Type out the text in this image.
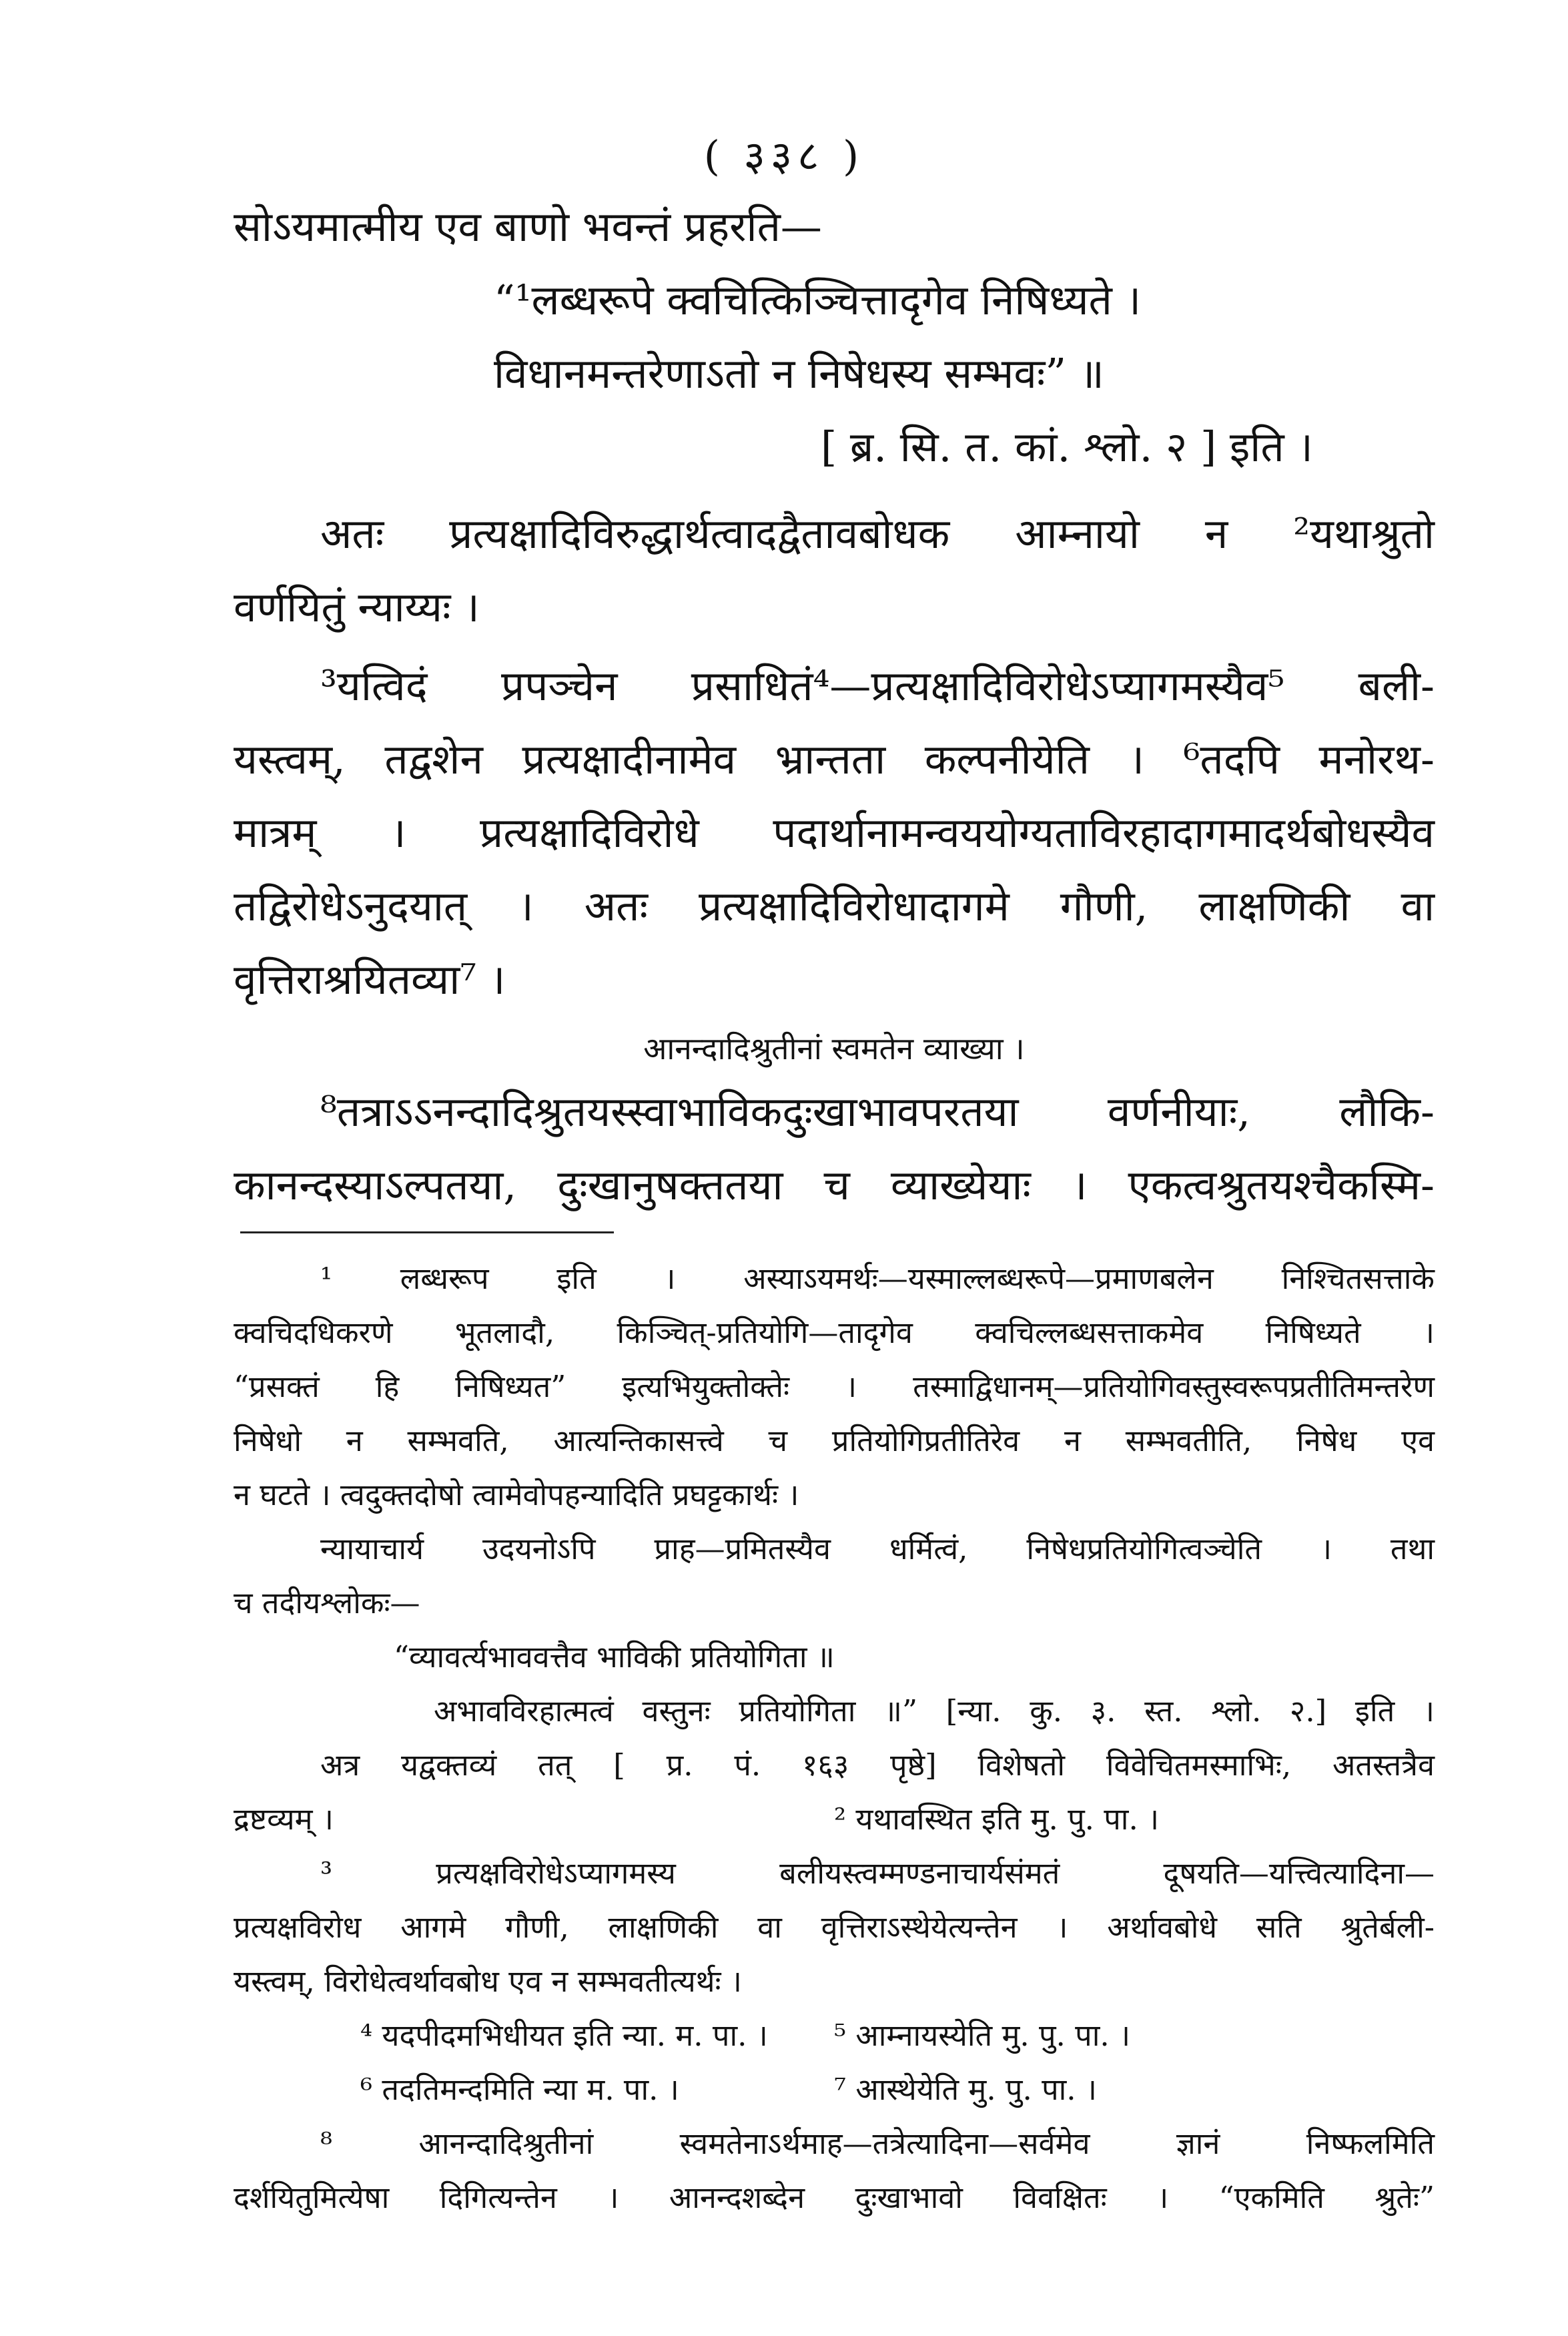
( ३३८ )

सोऽयमात्मीय एव बाणो भवन्तं प्रहरति—

“¹लब्धरूपे क्वचित्किञ्चित्तादृगेव निषिध्यते ।

विधानमन्तरेणाऽतो न निषेधस्य सम्भवः” ॥

[ ब्र. सि. त. कां. श्लो. २ ] इति ।

अतः प्रत्यक्षादिविरुद्धार्थत्वादद्वैतावबोधक आम्नायो न ²यथाश्रुतो

वर्णयितुं न्याय्यः ।

³यत्विदं प्रपञ्चेन प्रसाधितं⁴—प्रत्यक्षादिविरोधेऽप्यागमस्यैव⁵ बली-

यस्त्वम्, तद्वशेन प्रत्यक्षादीनामेव भ्रान्तता कल्पनीयेति । ⁶तदपि मनोरथ-

मात्रम् । प्रत्यक्षादिविरोधे पदार्थानामन्वययोग्यताविरहादागमादर्थबोधस्यैव

तद्विरोधेऽनुदयात् । अतः प्रत्यक्षादिविरोधादागमे गौणी, लाक्षणिकी वा

वृत्तिराश्रयितव्या⁷ ।

आनन्दादिश्रुतीनां स्वमतेन व्याख्या ।

⁸तत्राऽऽनन्दादिश्रुतयस्स्वाभाविकदुःखाभावपरतया वर्णनीयाः, लौकि-

कानन्दस्याऽल्पतया, दुःखानुषक्ततया च व्याख्येयाः । एकत्वश्रुतयश्चैकस्मि-

¹ लब्धरूप इति । अस्याऽयमर्थः—यस्माल्लब्धरूपे—प्रमाणबलेन निश्चितसत्ताके

क्वचिदधिकरणे भूतलादौ, किञ्चित्-प्रतियोगि—तादृगेव क्वचिल्लब्धसत्ताकमेव निषिध्यते ।

“प्रसक्तं हि निषिध्यत” इत्यभियुक्तोक्तेः । तस्माद्विधानम्—प्रतियोगिवस्तुस्वरूपप्रतीतिमन्तरेण

निषेधो न सम्भवति, आत्यन्तिकासत्त्वे च प्रतियोगिप्रतीतिरेव न सम्भवतीति, निषेध एव

न घटते । त्वदुक्तदोषो त्वामेवोपहन्यादिति प्रघट्टकार्थः ।

न्यायाचार्य उदयनोऽपि प्राह—प्रमितस्यैव धर्मित्वं, निषेधप्रतियोगित्वञ्चेति । तथा

च तदीयश्लोकः—

“व्यावर्त्यभाववत्तैव भाविकी प्रतियोगिता ॥

अभावविरहात्मत्वं वस्तुनः प्रतियोगिता ॥” [न्या. कु. ३. स्त. श्लो. २.] इति ।

अत्र यद्वक्तव्यं तत् [ प्र. पं. १६३ पृष्ठे] विशेषतो विवेचितमस्माभिः, अतस्तत्रैव

द्रष्टव्यम् ।	² यथावस्थित इति मु. पु. पा. ।

³ प्रत्यक्षविरोधेऽप्यागमस्य बलीयस्त्वम्मण्डनाचार्यसंमतं दूषयति—यत्त्वित्यादिना—

प्रत्यक्षविरोध आगमे गौणी, लाक्षणिकी वा वृत्तिराऽस्थेयेत्यन्तेन । अर्थावबोधे सति श्रुतेर्बली-

यस्त्वम्, विरोधेत्वर्थावबोध एव न सम्भवतीत्यर्थः ।

⁴ यदपीदमभिधीयत इति न्या. म. पा. ।	⁵ आम्नायस्येति मु. पु. पा. ।
⁶ तदतिमन्दमिति न्या म. पा. ।	⁷ आस्थेयेति मु. पु. पा. ।

⁸ आनन्दादिश्रुतीनां स्वमतेनाऽर्थमाह—तत्रेत्यादिना—सर्वमेव ज्ञानं निष्फलमिति

दर्शयितुमित्येषा दिगित्यन्तेन । आनन्दशब्देन दुःखाभावो विवक्षितः । “एकमिति श्रुतेः”
